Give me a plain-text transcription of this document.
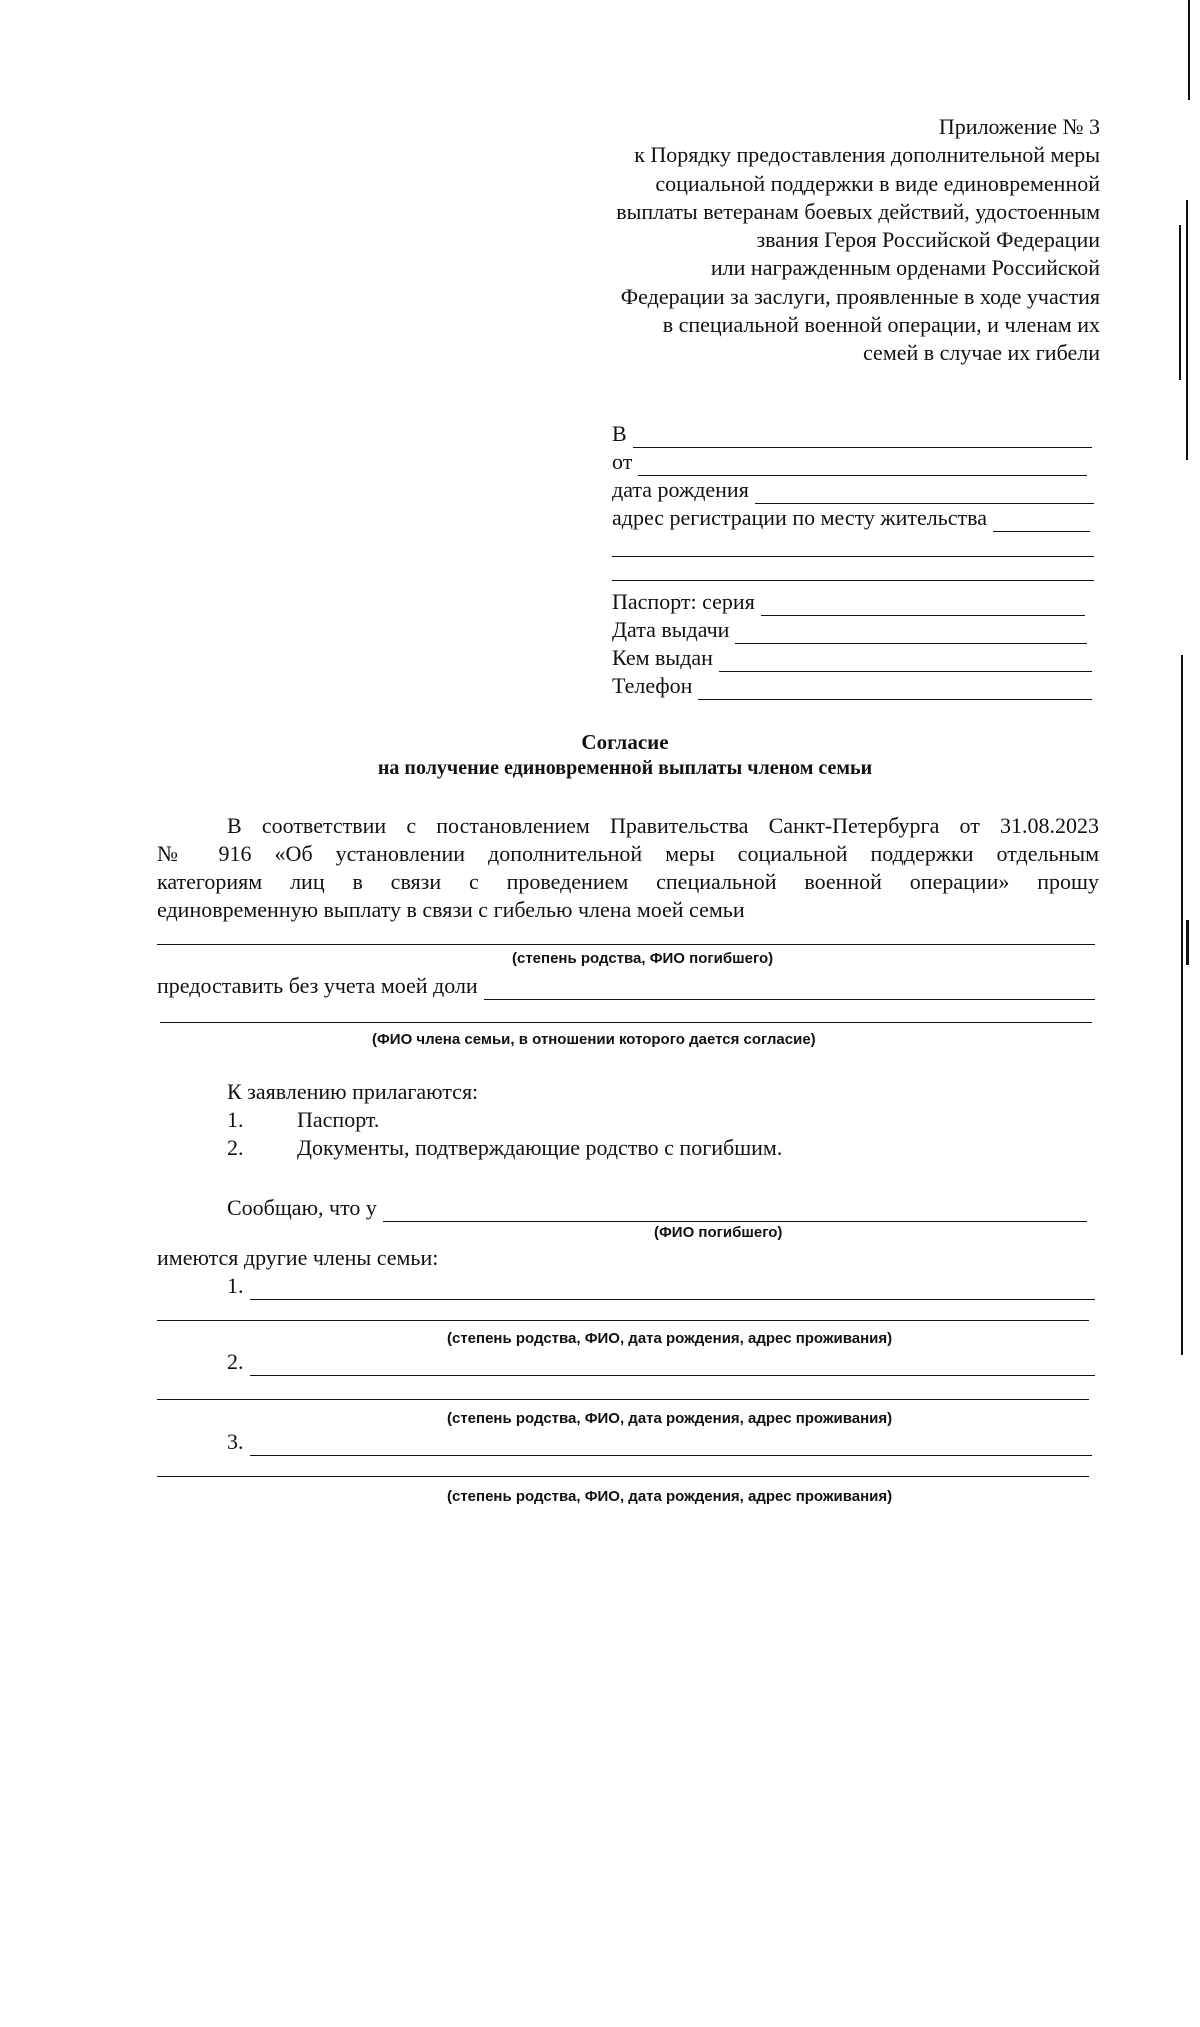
Приложение № 3
к Порядку предоставления дополнительной меры
социальной поддержки в виде единовременной
выплаты ветеранам боевых действий, удостоенным
звания Героя Российской Федерации
или награжденным орденами Российской
Федерации за заслуги, проявленные в ходе участия
в специальной военной операции, и членам их
семей в случае их гибели
В
от
дата рождения
адрес регистрации по месту жительства
Паспорт: серия
Дата выдачи
Кем выдан
Телефон
Согласие
на получение единовременной выплаты членом семьи
В соответствии с постановлением Правительства Санкт-Петербурга от 31.08.2023
№ 916 «Об установлении дополнительной меры социальной поддержки отдельным
категориям лиц в связи с проведением специальной военной операции» прошу
единовременную выплату в связи с гибелью члена моей семьи
(степень родства, ФИО погибшего)
предоставить без учета моей доли
(ФИО члена семьи, в отношении которого дается согласие)
К заявлению прилагаются:
1. Паспорт.
2. Документы, подтверждающие родство с погибшим.
Сообщаю, что у
(ФИО погибшего)
имеются другие члены семьи:
1.
(степень родства, ФИО, дата рождения, адрес проживания)
2.
(степень родства, ФИО, дата рождения, адрес проживания)
3.
(степень родства, ФИО, дата рождения, адрес проживания)
